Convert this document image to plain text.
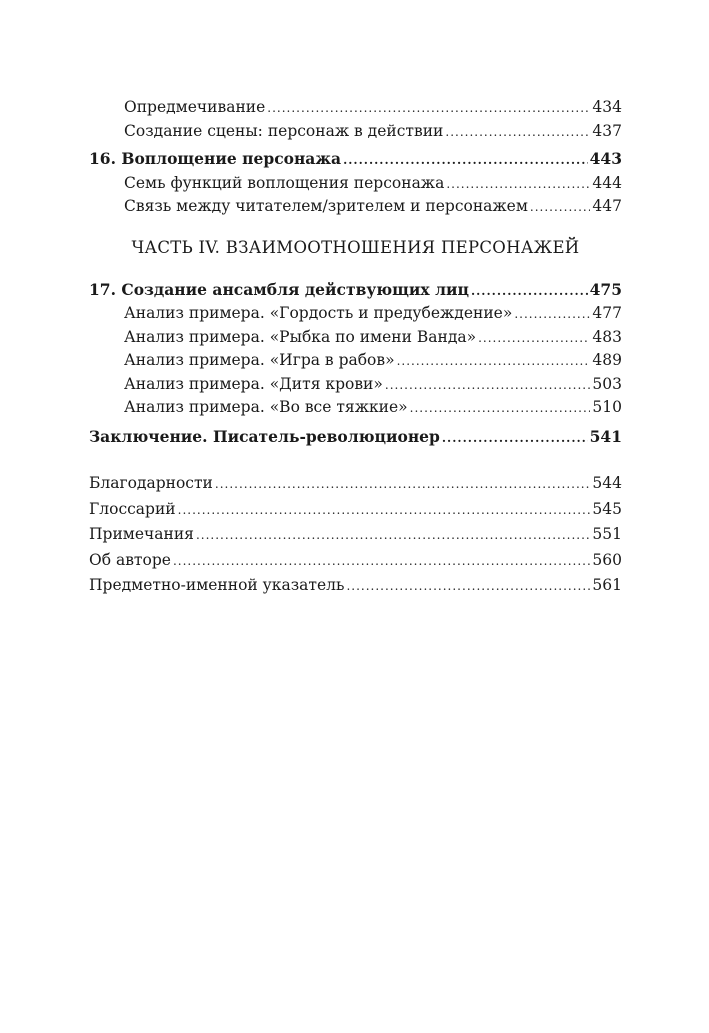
Опредмечивание .....	434
Создание сцены: персонаж в действии .....	437
16. Воплощение персонажа .....	443
Семь функций воплощения персонажа .....	444
Связь между читателем/зрителем и персонажем .....	447
ЧАСТЬ IV. ВЗАИМООТНОШЕНИЯ ПЕРСОНАЖЕЙ
17. Создание ансамбля действующих лиц .....	475
Анализ примера. «Гордость и предубеждение» .....	477
Анализ примера. «Рыбка по имени Ванда» .....	483
Анализ примера. «Игра в рабов» .....	489
Анализ примера. «Дитя крови» .....	503
Анализ примера. «Во все тяжкие» .....	510
Заключение. Писатель-революционер .....	541
Благодарности .....	544
Глоссарий .....	545
Примечания .....	551
Об авторе .....	560
Предметно-именной указатель .....	561
